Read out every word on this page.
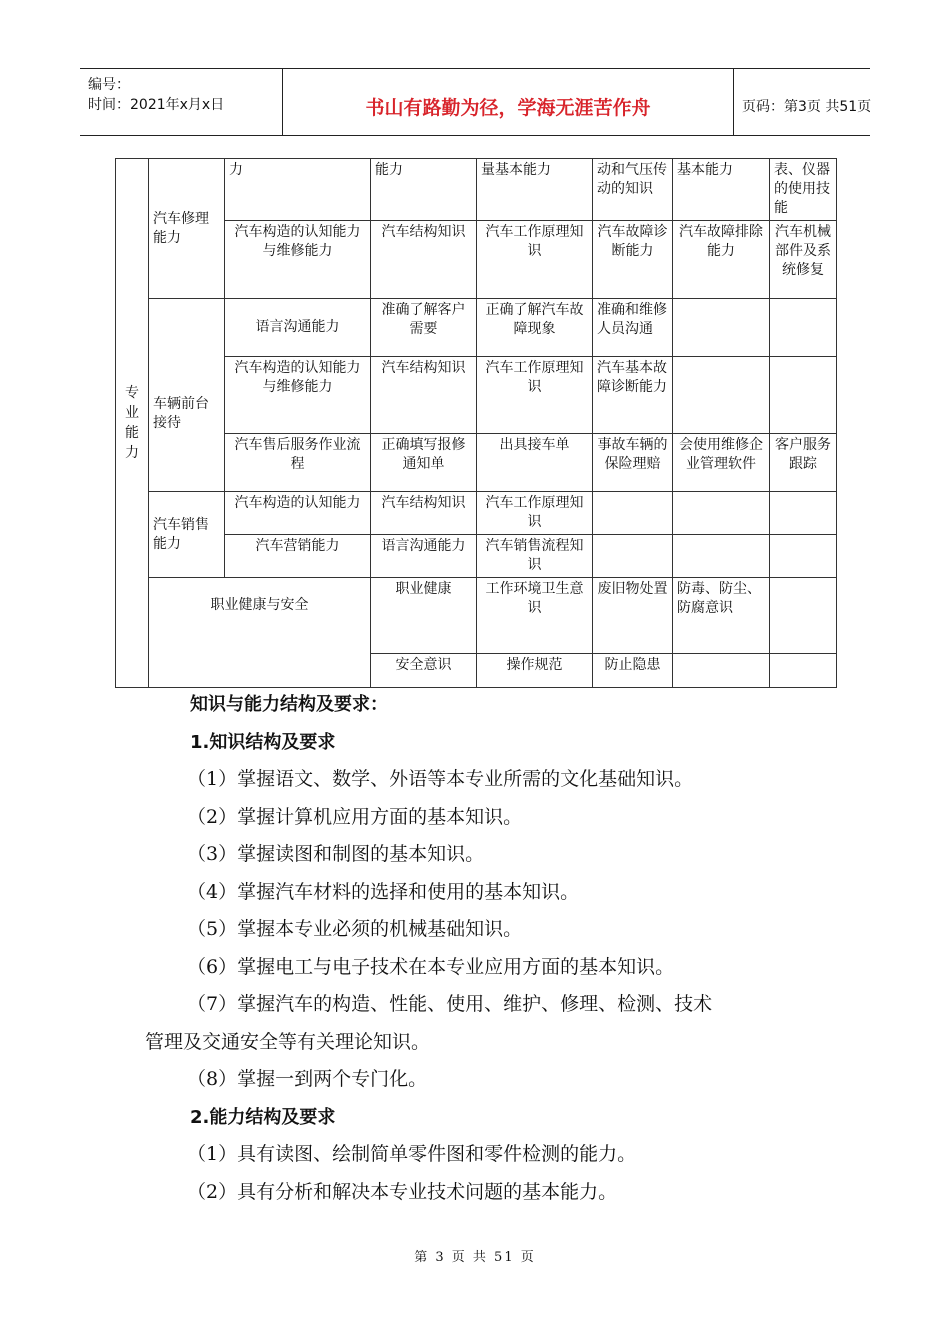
编号：
时间：2021年x月x日	书山有路勤为径，学海无涯苦作舟	页码：第3页 共51页
专业能力	汽车修理能力	力	能力	量基本能力	动和气压传动的知识	基本能力	表、仪器的使用技能	
		汽车构造的认知能力与维修能力	汽车结构知识	汽车工作原理知识	汽车故障诊断能力	汽车故障排除能力	汽车机械部件及系统修复	
	车辆前台接待	语言沟通能力	准确了解客户需要	正确了解汽车故障现象	准确和维修人员沟通			
		汽车构造的认知能力与维修能力	汽车结构知识	汽车工作原理知识	汽车基本故障诊断能力			
		汽车售后服务作业流程	正确填写报修通知单	出具接车单	事故车辆的保险理赔	会使用维修企业管理软件	客户服务跟踪	
	汽车销售能力	汽车构造的认知能力	汽车结构知识	汽车工作原理知识				
		汽车营销能力	语言沟通能力	汽车销售流程知识				
	职业健康与安全		职业健康	工作环境卫生意识	废旧物处置	防毒、防尘、防腐意识		
			安全意识	操作规范	防止隐患			

知识与能力结构及要求：

1.知识结构及要求

（1）掌握语文、数学、外语等本专业所需的文化基础知识。

（2）掌握计算机应用方面的基本知识。

（3）掌握读图和制图的基本知识。

（4）掌握汽车材料的选择和使用的基本知识。

（5）掌握本专业必须的机械基础知识。

（6）掌握电工与电子技术在本专业应用方面的基本知识。

（7）掌握汽车的构造、性能、使用、维护、修理、检测、技术

管理及交通安全等有关理论知识。

（8）掌握一到两个专门化。

2.能力结构及要求

（1）具有读图、绘制简单零件图和零件检测的能力。

（2）具有分析和解决本专业技术问题的基本能力。

第 3 页 共 51 页
